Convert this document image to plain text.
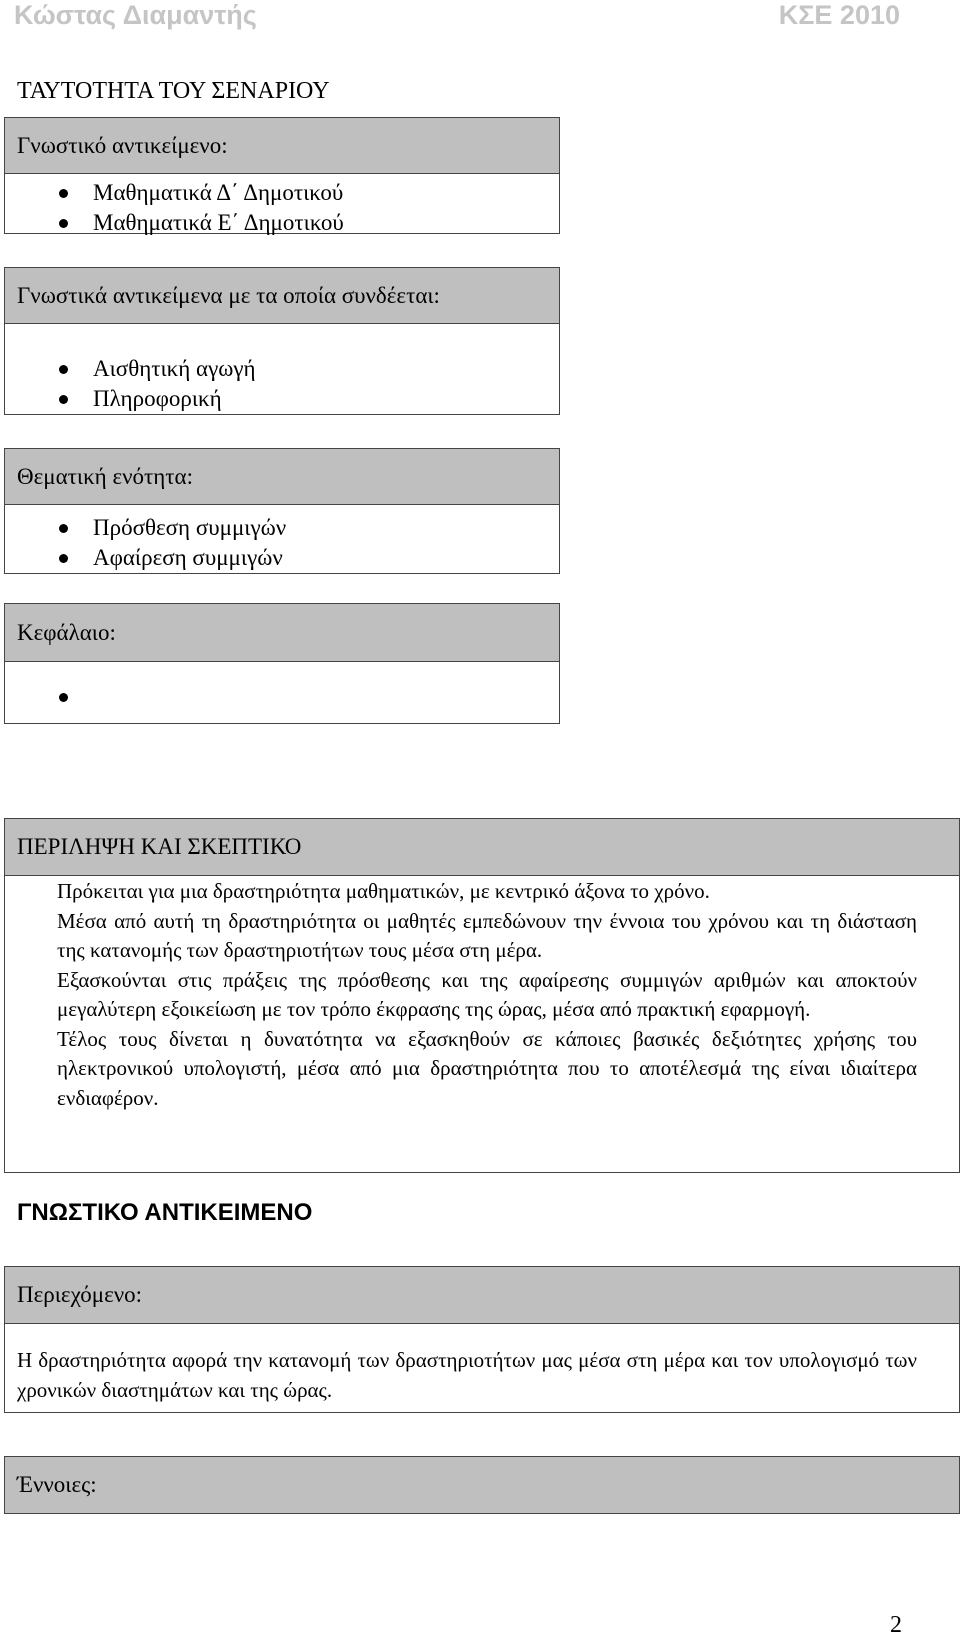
Κώστας Διαμαντής	ΚΣΕ 2010
ΤΑΥΤΟΤΗΤΑ ΤΟΥ ΣΕΝΑΡΙΟΥ
Γνωστικό αντικείμενο:
Μαθηματικά Δ΄ Δημοτικού
Μαθηματικά Ε΄ Δημοτικού
Γνωστικά αντικείμενα με τα οποία συνδέεται:
Αισθητική αγωγή
Πληροφορική
Θεματική ενότητα:
Πρόσθεση συμμιγών
Αφαίρεση συμμιγών
Κεφάλαιο:
ΠΕΡΙΛΗΨΗ ΚΑΙ ΣΚΕΠΤΙΚΟ

Πρόκειται για μια δραστηριότητα μαθηματικών, με κεντρικό άξονα το χρόνο.

Μέσα από αυτή τη δραστηριότητα οι μαθητές εμπεδώνουν την έννοια του χρόνου και τη διάσταση της κατανομής των δραστηριοτήτων τους μέσα στη μέρα.

Εξασκούνται στις πράξεις της πρόσθεσης και της αφαίρεσης συμμιγών αριθμών και αποκτούν μεγαλύτερη εξοικείωση με τον τρόπο έκφρασης της ώρας, μέσα από πρακτική εφαρμογή.

Τέλος τους δίνεται η δυνατότητα να εξασκηθούν σε κάποιες βασικές δεξιότητες χρήσης του ηλεκτρονικού υπολογιστή, μέσα από μια δραστηριότητα που το αποτέλεσμά της είναι ιδιαίτερα ενδιαφέρον.

ΓΝΩΣΤΙΚΟ ΑΝΤΙΚΕΙΜΕΝΟ
Περιεχόμενο:

Η δραστηριότητα αφορά την κατανομή των δραστηριοτήτων μας μέσα στη μέρα και τον υπολογισμό των χρονικών διαστημάτων και της ώρας.

Έννοιες:
2
